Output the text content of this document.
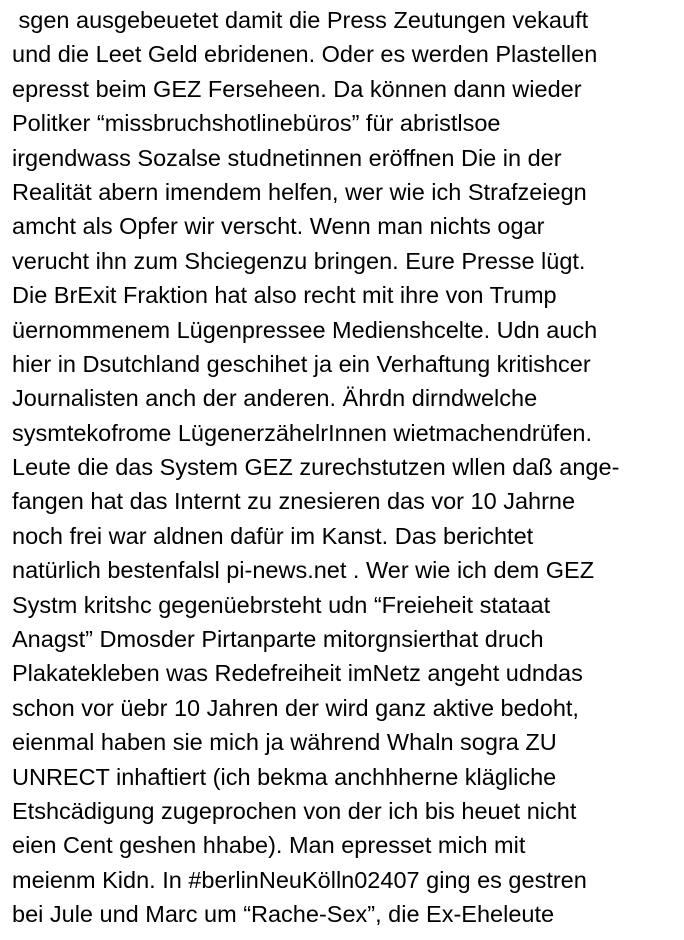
sgen ausgebeuetet damit die Press Zeutungen vekauft
und die Leet Geld ebridenen. Oder es werden Plastellen
epresst beim GEZ Ferseheen. Da können dann wieder
Politker “missbruchshotlinebüros” für abristlsoe
irgendwass Sozalse studnetinnen eröffnen Die in der
Realität abern imendem helfen, wer wie ich Strafzeiegn
amcht als Opfer wir verscht. Wenn man nichts ogar
verucht ihn zum Shciegenzu bringen. Eure Presse lügt.
Die BrExit Fraktion hat also recht mit ihre von Trump
üernommenem Lügenpressee Medienshcelte. Udn auch
hier in Dsutchland geschihet ja ein Verhaftung kritishcer
Journalisten anch der anderen. Ährdn dirndwelche
sysmtekofrome LügenerzähelrInnen wietmachendrüfen.
Leute die das System GEZ zurechstutzen wllen daß ange-
fangen hat das Internt zu znesieren das vor 10 Jahrne
noch frei war aldnen dafür im Kanst. Das berichtet
natürlich bestenfalsl pi-news.net . Wer wie ich dem GEZ
Systm kritshc gegenüebrsteht udn “Freieheit stataat
Anagst” Dmosder Pirtanparte mitorgnsierthat druch
Plakatekleben was Redefreiheit imNetz angeht udndas
schon vor üebr 10 Jahren der wird ganz aktive bedoht,
eienmal haben sie mich ja während Whaln sogra ZU
UNRECT inhaftiert (ich bekma anchhherne klägliche
Etshcädigung zugeprochen von der ich bis heuet nicht
eien Cent geshen hhabe). Man epresset mich mit
meienm Kidn. In #berlinNeuKölln02407 ging es gestren
bei Jule und Marc um “Rache-Sex”, die Ex-Eheleute
